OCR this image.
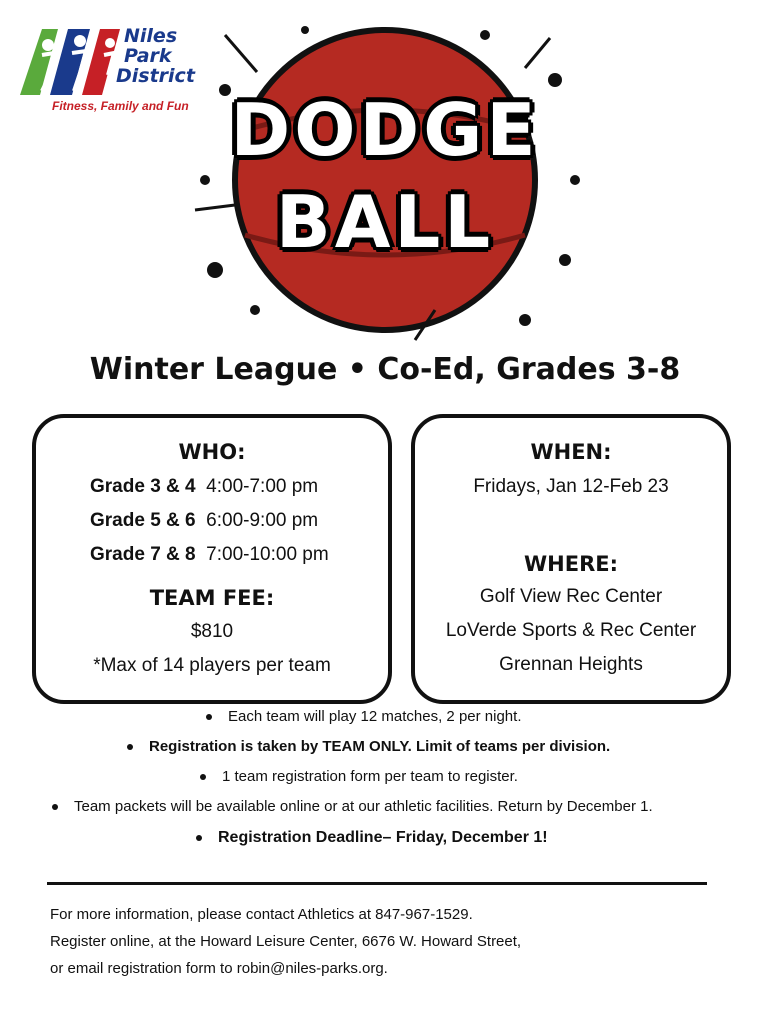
Niles
Park
District
Fitness, Family and Fun DODGE
BALL
Winter League • Co-Ed, Grades 3-8
WHO:
Grade 3 & 4 4:00-7:00 pm
Grade 5 & 6 6:00-9:00 pm
Grade 7 & 8 7:00-10:00 pm
TEAM FEE:
$810
*Max of 14 players per team
WHEN:
Fridays, Jan 12-Feb 23
WHERE:
Golf View Rec Center
LoVerde Sports & Rec Center
Grennan Heights
Each team will play 12 matches, 2 per night.
Registration is taken by TEAM ONLY. Limit of teams per division.
1 team registration form per team to register.
Team packets will be available online or at our athletic facilities. Return by December 1.
Registration Deadline– Friday, December 1!
For more information, please contact Athletics at 847-967-1529.
Register online, at the Howard Leisure Center, 6676 W. Howard Street,
or email registration form to robin@niles-parks.org.
